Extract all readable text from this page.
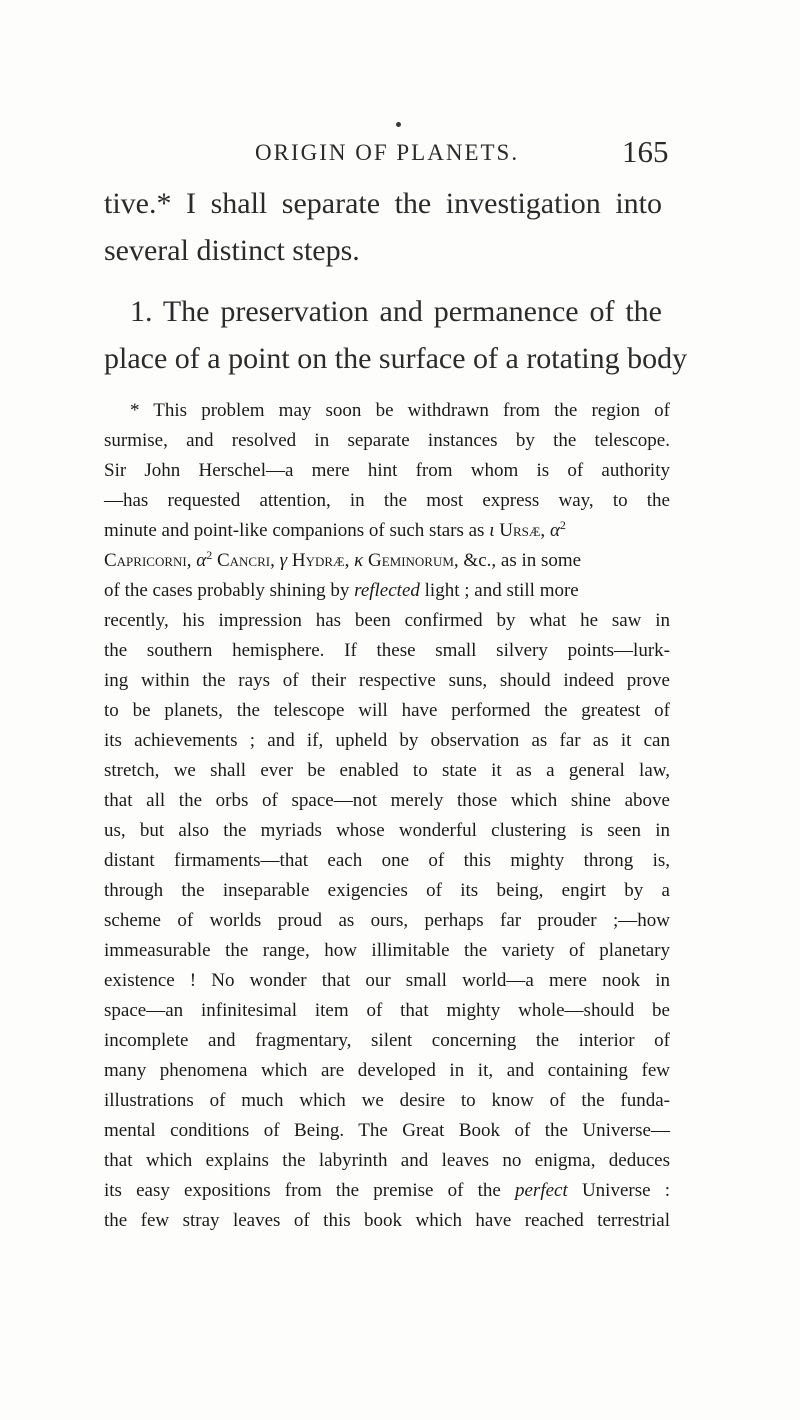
ORIGIN OF PLANETS.	165
tive.* I shall separate the investigation into
several distinct steps.
1. The preservation and permanence of the
place of a point on the surface of a rotating body
* This problem may soon be withdrawn from the region of
surmise, and resolved in separate instances by the telescope.
Sir John Herschel—a mere hint from whom is of authority
—has requested attention, in the most express way, to the
minute and point-like companions of such stars as ι Ursæ, $\alpha^2$
Capricorni, $\alpha^2$ Cancri, γ Hydræ, κ Geminorum, &c., as in some
of the cases probably shining by reflected light ; and still more
recently, his impression has been confirmed by what he saw in
the southern hemisphere. If these small silvery points—lurk-
ing within the rays of their respective suns, should indeed prove
to be planets, the telescope will have performed the greatest of
its achievements ; and if, upheld by observation as far as it can
stretch, we shall ever be enabled to state it as a general law,
that all the orbs of space—not merely those which shine above
us, but also the myriads whose wonderful clustering is seen in
distant firmaments—that each one of this mighty throng is,
through the inseparable exigencies of its being, engirt by a
scheme of worlds proud as ours, perhaps far prouder ;—how
immeasurable the range, how illimitable the variety of planetary
existence ! No wonder that our small world—a mere nook in
space—an infinitesimal item of that mighty whole—should be
incomplete and fragmentary, silent concerning the interior of
many phenomena which are developed in it, and containing few
illustrations of much which we desire to know of the funda-
mental conditions of Being. The Great Book of the Universe—
that which explains the labyrinth and leaves no enigma, deduces
its easy expositions from the premise of the perfect Universe :
the few stray leaves of this book which have reached terrestrial
